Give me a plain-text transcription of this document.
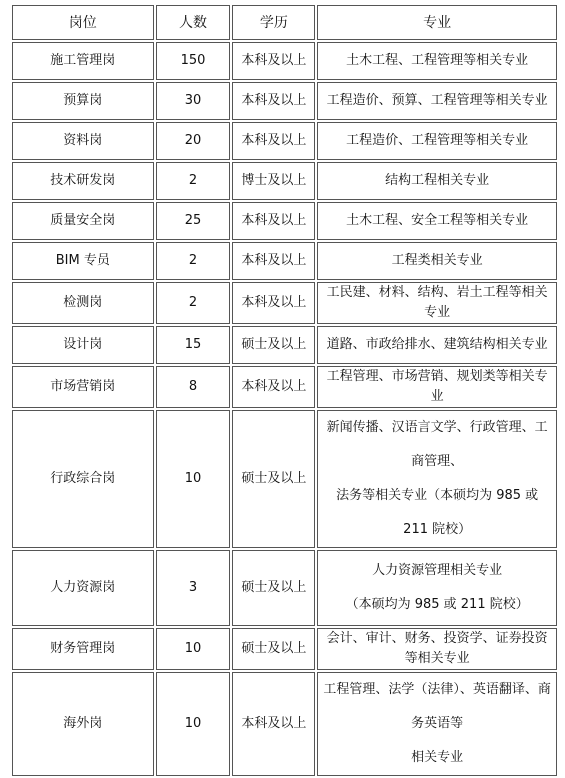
岗位	人数	学历	专业

施工管理岗	150	本科及以上	土木工程、工程管理等相关专业

预算岗	30	本科及以上	工程造价、预算、工程管理等相关专业

资料岗	20	本科及以上	工程造价、工程管理等相关专业

技术研发岗	2	博士及以上	结构工程相关专业

质量安全岗	25	本科及以上	土木工程、安全工程等相关专业

BIM 专员	2	本科及以上	工程类相关专业

检测岗	2	本科及以上	工民建、材料、结构、岩土工程等相关专业

设计岗	15	硕士及以上	道路、市政给排水、建筑结构相关专业

市场营销岗	8	本科及以上	工程管理、市场营销、规划类等相关专业

行政综合岗	10	硕士及以上	新闻传播、汉语言文学、行政管理、工商管理、
法务等相关专业（本硕均为 985 或 211 院校）

人力资源岗	3	硕士及以上	人力资源管理相关专业
（本硕均为 985 或 211 院校）

财务管理岗	10	硕士及以上	会计、审计、财务、投资学、证券投资等相关专业

海外岗	10	本科及以上	工程管理、法学（法律）、英语翻译、商务英语等
相关专业
